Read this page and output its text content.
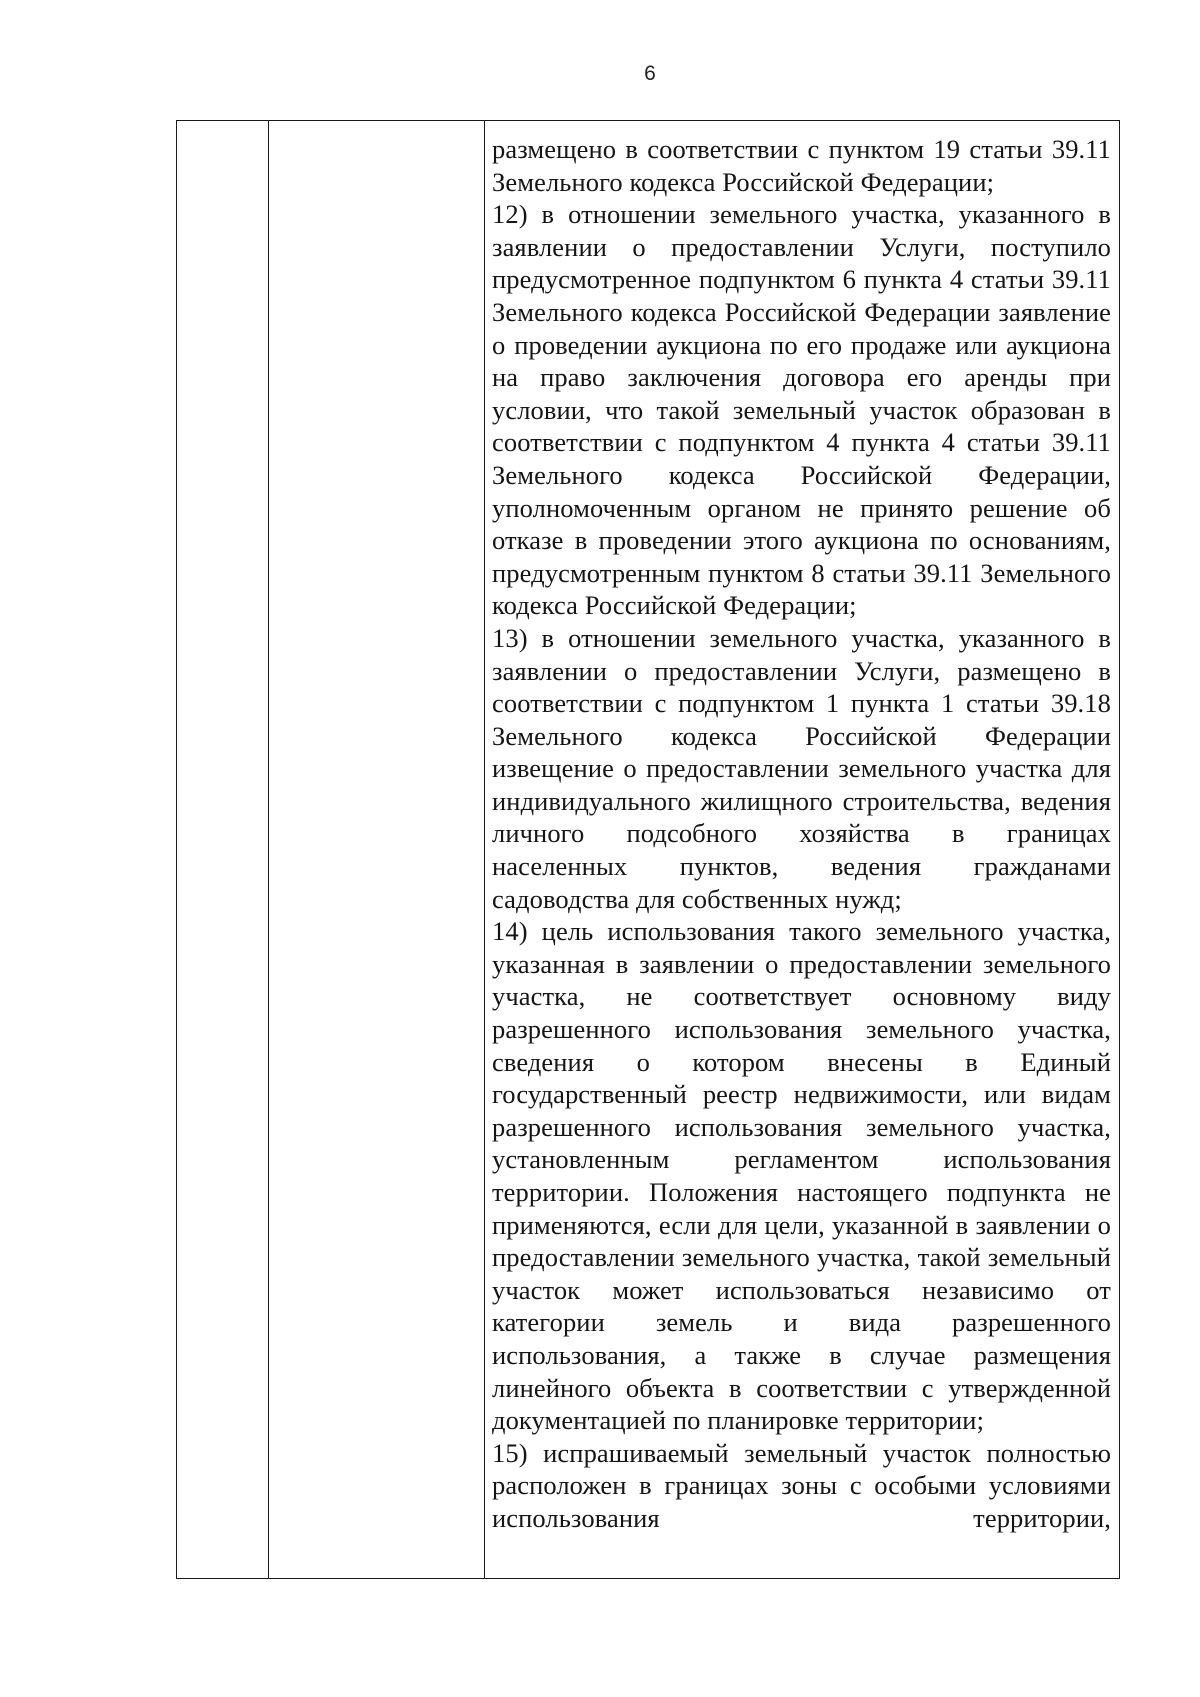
6

размещено в соответствии с пунктом 19 статьи 39.11 Земельного кодекса Российской Федерации;

12) в отношении земельного участка, указанного в заявлении о предоставлении Услуги, поступило предусмотренное подпунктом 6 пункта 4 статьи 39.11 Земельного кодекса Российской Федерации заявление о проведении аукциона по его продаже или аукциона на право заключения договора его аренды при условии, что такой земельный участок образован в соответствии с подпунктом 4 пункта 4 статьи 39.11 Земельного кодекса Российской Федерации, уполномоченным органом не принято решение об отказе в проведении этого аукциона по основаниям, предусмотренным пунктом 8 статьи 39.11 Земельного кодекса Российской Федерации;

13) в отношении земельного участка, указанного в заявлении о предоставлении Услуги, размещено в соответствии с подпунктом 1 пункта 1 статьи 39.18 Земельного кодекса Российской Федерации извещение о предоставлении земельного участка для индивидуального жилищного строительства, ведения личного подсобного хозяйства в границах населенных пунктов, ведения гражданами садоводства для собственных нужд;

14) цель использования такого земельного участка, указанная в заявлении о предоставлении земельного участка, не соответствует основному виду разрешенного использования земельного участка, сведения о котором внесены в Единый государственный реестр недвижимости, или видам разрешенного использования земельного участка, установленным регламентом использования территории. Положения настоящего подпункта не применяются, если для цели, указанной в заявлении о предоставлении земельного участка, такой земельный участок может использоваться независимо от категории земель и вида разрешенного использования, а также в случае размещения линейного объекта в соответствии с утвержденной документацией по планировке территории;

15) испрашиваемый земельный участок полностью расположен в границах зоны с особыми условиями использования территории,
